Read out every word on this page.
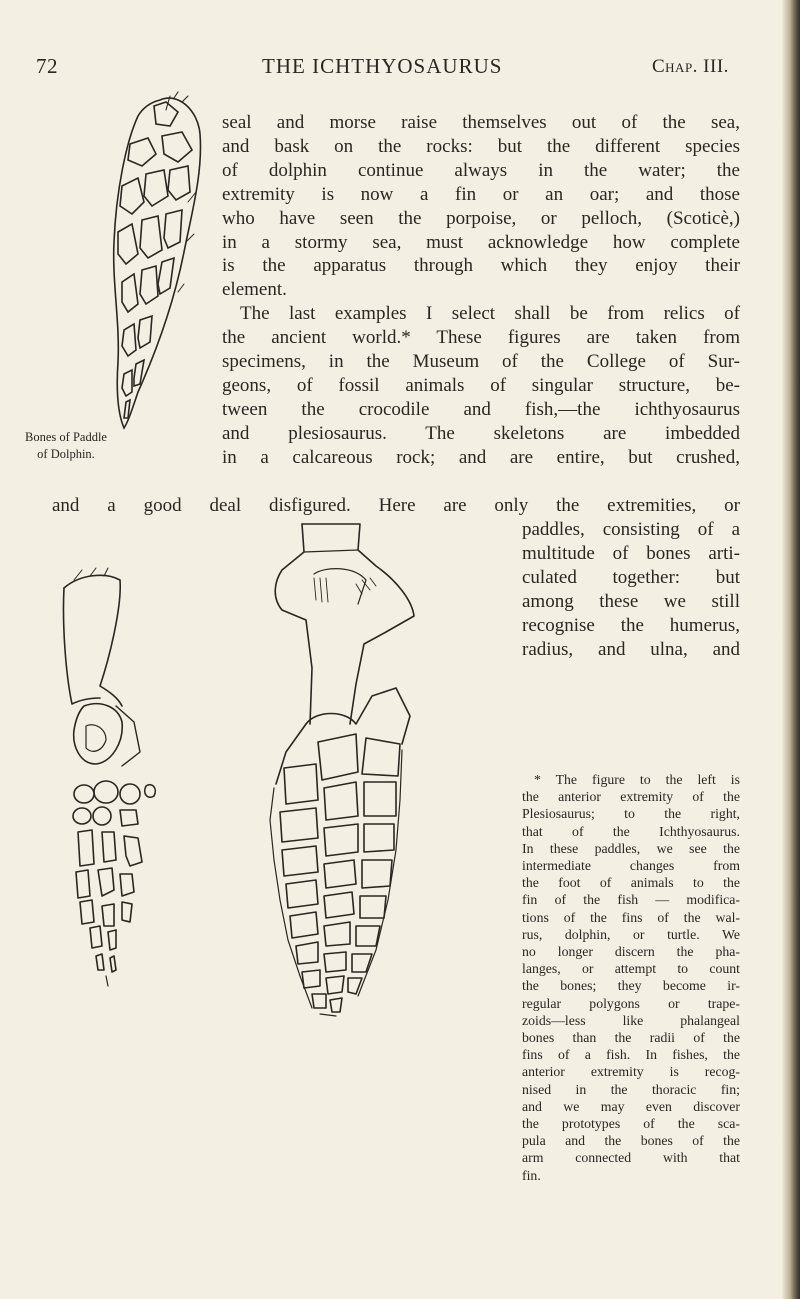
72	THE ICHTHYOSAURUS	Chap. III.
Bones of Paddle
of Dolphin.
seal and morse raise themselves out of the sea,
and bask on the rocks: but the different species
of dolphin continue always in the water; the
extremity is now a fin or an oar; and those
who have seen the porpoise, or pelloch, (Scoticè,)
in a stormy sea, must acknowledge how complete
is the apparatus through which they enjoy their
element.
The last examples I select shall be from relics of
the ancient world.* These figures are taken from
specimens, in the Museum of the College of Sur-
geons, of fossil animals of singular structure, be-
tween the crocodile and fish,—the ichthyosaurus
and plesiosaurus. The skeletons are imbedded
in a calcareous rock; and are entire, but crushed,
and a good deal disfigured. Here are only the extremities, or
paddles, consisting of a
multitude of bones arti-
culated together: but
among these we still
recognise the humerus,
radius, and ulna, and
* The figure to the left is
the anterior extremity of the
Plesiosaurus; to the right,
that of the Ichthyosaurus.
In these paddles, we see the
intermediate changes from
the foot of animals to the
fin of the fish — modifica-
tions of the fins of the wal-
rus, dolphin, or turtle. We
no longer discern the pha-
langes, or attempt to count
the bones; they become ir-
regular polygons or trape-
zoids—less like phalangeal
bones than the radii of the
fins of a fish. In fishes, the
anterior extremity is recog-
nised in the thoracic fin;
and we may even discover
the prototypes of the sca-
pula and the bones of the
arm connected with that
fin.
